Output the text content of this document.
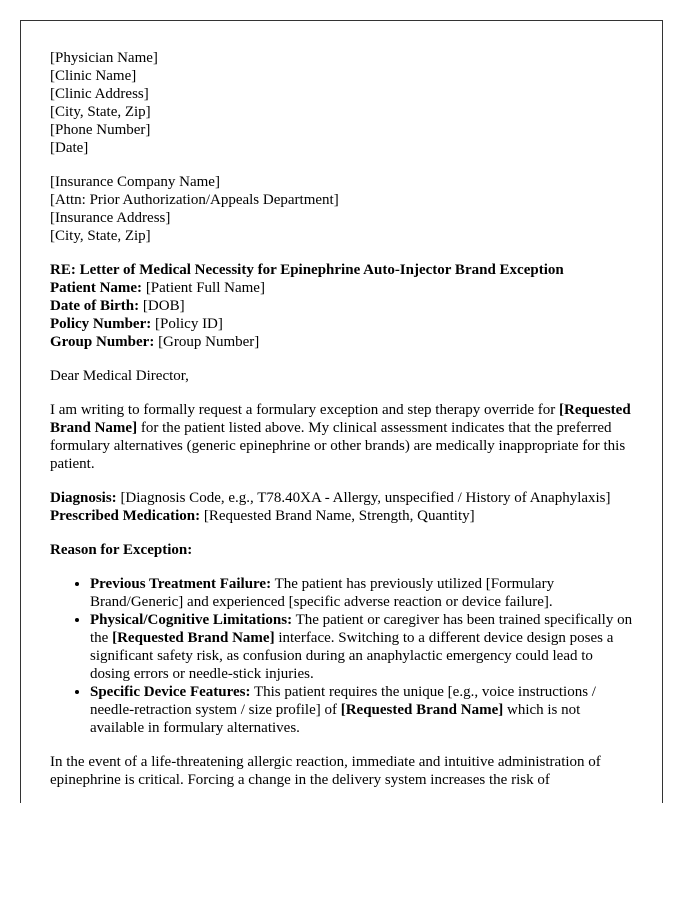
[Physician Name]
[Clinic Name]
[Clinic Address]
[City, State, Zip]
[Phone Number]
[Date]
[Insurance Company Name]
[Attn: Prior Authorization/Appeals Department]
[Insurance Address]
[City, State, Zip]
RE: Letter of Medical Necessity for Epinephrine Auto-Injector Brand Exception
Patient Name: [Patient Full Name]
Date of Birth: [DOB]
Policy Number: [Policy ID]
Group Number: [Group Number]

Dear Medical Director,

I am writing to formally request a formulary exception and step therapy override for [Requested Brand Name] for the patient listed above. My clinical assessment indicates that the preferred formulary alternatives (generic epinephrine or other brands) are medically inappropriate for this patient.

Diagnosis: [Diagnosis Code, e.g., T78.40XA - Allergy, unspecified / History of Anaphylaxis]
Prescribed Medication: [Requested Brand Name, Strength, Quantity]

Reason for Exception:

• Previous Treatment Failure: The patient has previously utilized [Formulary Brand/Generic] and experienced [specific adverse reaction or device failure].
• Physical/Cognitive Limitations: The patient or caregiver has been trained specifically on the [Requested Brand Name] interface. Switching to a different device design poses a significant safety risk, as confusion during an anaphylactic emergency could lead to dosing errors or needle-stick injuries.
• Specific Device Features: This patient requires the unique [e.g., voice instructions / needle-retraction system / size profile] of [Requested Brand Name] which is not available in formulary alternatives.

In the event of a life-threatening allergic reaction, immediate and intuitive administration of epinephrine is critical. Forcing a change in the delivery system increases the risk of
